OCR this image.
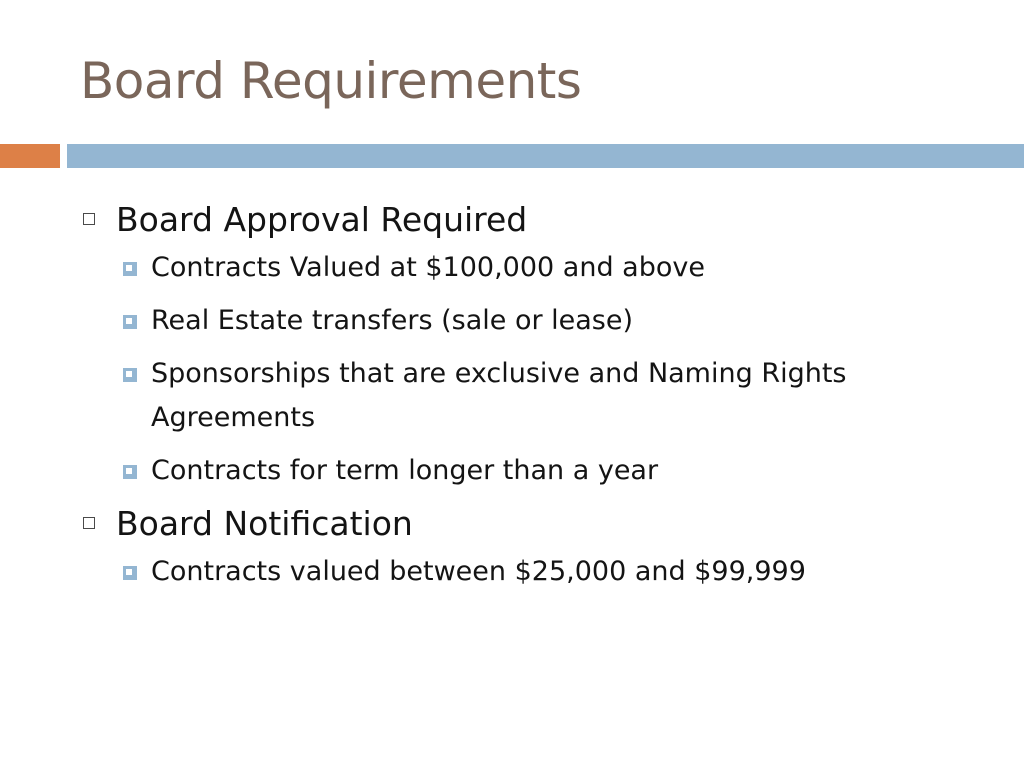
Board Requirements
Board Approval Required
Contracts Valued at $100,000 and above
Real Estate transfers (sale or lease)
Sponsorships that are exclusive and Naming Rights Agreements
Contracts for term longer than a year
Board Notification
Contracts valued between $25,000 and $99,999
